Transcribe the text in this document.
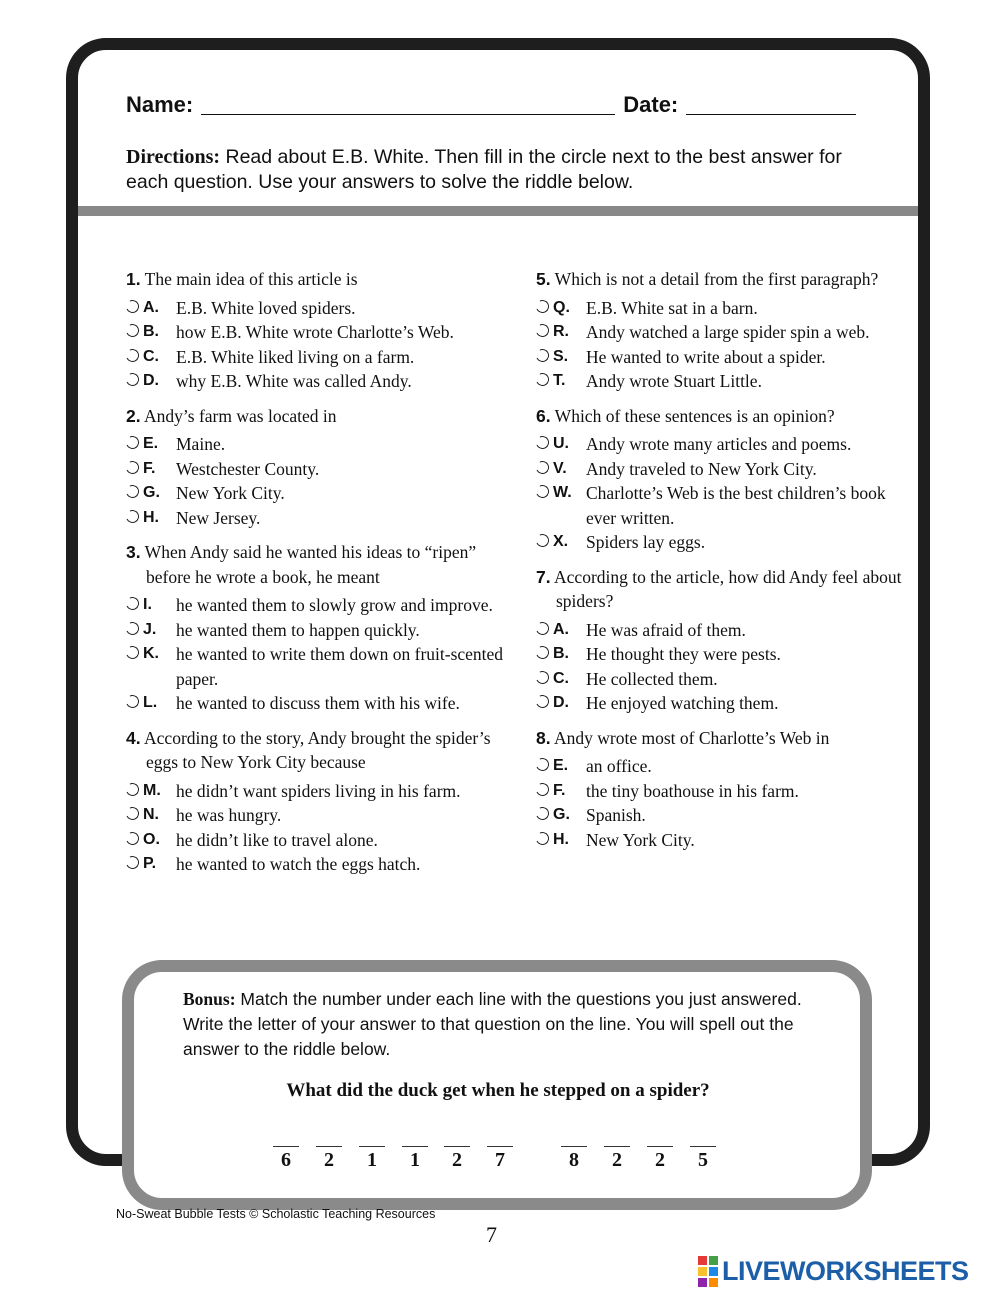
Name:	Date:
Directions: Read about E.B. White. Then fill in the circle next to the best answer for each question. Use your answers to solve the riddle below.
1. The main idea of this article is
A. E.B. White loved spiders.
B. how E.B. White wrote Charlotte’s Web.
C. E.B. White liked living on a farm.
D. why E.B. White was called Andy.
2. Andy’s farm was located in
E.	Maine.
F.	Westchester County.
G. New York City.
H. New Jersey.
3. When Andy said he wanted his ideas to “ripen” before he wrote a book, he meant
I.	he wanted them to slowly grow and improve.
J.	he wanted them to happen quickly.
K. he wanted to write them down on fruit-scented paper.
L.	he wanted to discuss them with his wife.
4. According to the story, Andy brought the spider’s eggs to New York City because
M. he didn’t want spiders living in his farm.
N. he was hungry.
O. he didn’t like to travel alone.
P.	he wanted to watch the eggs hatch.
5. Which is not a detail from the first paragraph?
Q. E.B. White sat in a barn.
R. Andy watched a large spider spin a web.
S.	He wanted to write about a spider.
T.	Andy wrote Stuart Little.
6. Which of these sentences is an opinion?
U. Andy wrote many articles and poems.
V.	Andy traveled to New York City.
W. Charlotte’s Web is the best children’s book ever written.
X.	Spiders lay eggs.
7. According to the article, how did Andy feel about spiders?
A. He was afraid of them.
B. He thought they were pests.
C. He collected them.
D. He enjoyed watching them.
8. Andy wrote most of Charlotte’s Web in
E.	an office.
F.	the tiny boathouse in his farm.
G. Spanish.
H. New York City.
Bonus: Match the number under each line with the questions you just answered. Write the letter of your answer to that question on the line. You will spell out the answer to the riddle below.
What did the duck get when he stepped on a spider?
6	2	1	1	2	7	8	2	2	5
No-Sweat Bubble Tests © Scholastic Teaching Resources
7
LIVEWORKSHEETS
